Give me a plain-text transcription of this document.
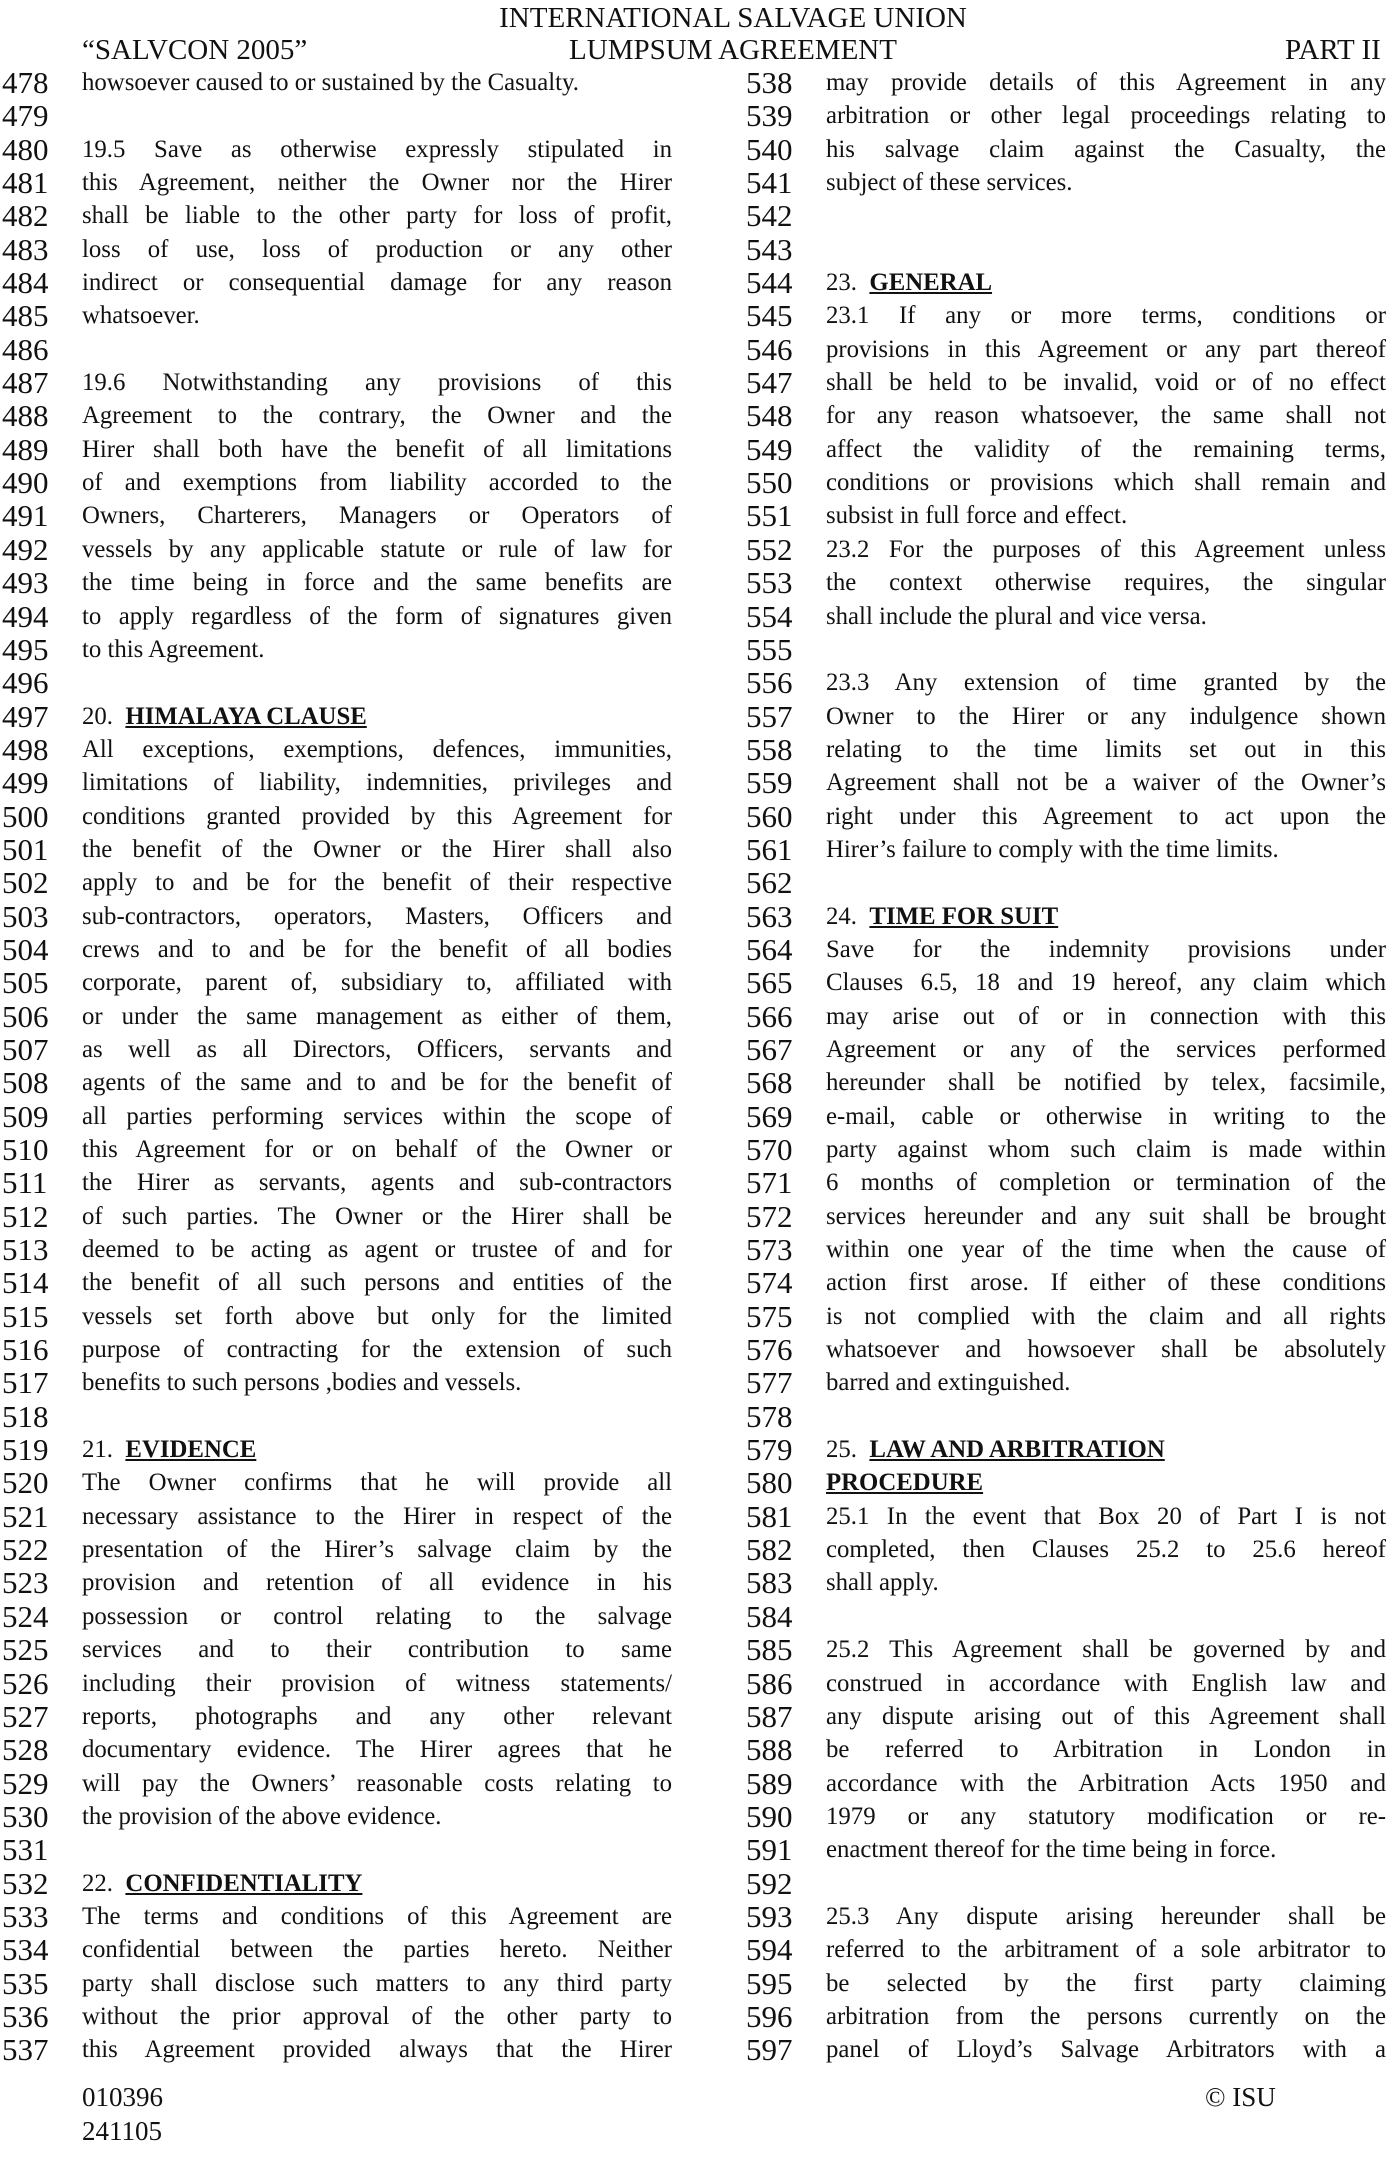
INTERNATIONAL SALVAGE UNION
“SALVCON 2005”	LUMPSUM AGREEMENT	PART II
478	howsoever caused to or sustained by the Casualty.
479
480	19.5 Save as otherwise expressly stipulated in
481	this Agreement, neither the Owner nor the Hirer
482	shall be liable to the other party for loss of profit,
483	loss of use, loss of production or any other
484	indirect or consequential damage for any reason
485	whatsoever.
486
487	19.6 Notwithstanding any provisions of this
488	Agreement to the contrary, the Owner and the
489	Hirer shall both have the benefit of all limitations
490	of and exemptions from liability accorded to the
491	Owners, Charterers, Managers or Operators of
492	vessels by any applicable statute or rule of law for
493	the time being in force and the same benefits are
494	to apply regardless of the form of signatures given
495	to this Agreement.
496
497	20. HIMALAYA CLAUSE
498	All exceptions, exemptions, defences, immunities,
499	limitations of liability, indemnities, privileges and
500	conditions granted provided by this Agreement for
501	the benefit of the Owner or the Hirer shall also
502	apply to and be for the benefit of their respective
503	sub-contractors, operators, Masters, Officers and
504	crews and to and be for the benefit of all bodies
505	corporate, parent of, subsidiary to, affiliated with
506	or under the same management as either of them,
507	as well as all Directors, Officers, servants and
508	agents of the same and to and be for the benefit of
509	all parties performing services within the scope of
510	this Agreement for or on behalf of the Owner or
511	the Hirer as servants, agents and sub-contractors
512	of such parties. The Owner or the Hirer shall be
513	deemed to be acting as agent or trustee of and for
514	the benefit of all such persons and entities of the
515	vessels set forth above but only for the limited
516	purpose of contracting for the extension of such
517	benefits to such persons ,bodies and vessels.
518
519	21. EVIDENCE
520	The Owner confirms that he will provide all
521	necessary assistance to the Hirer in respect of the
522	presentation of the Hirer’s salvage claim by the
523	provision and retention of all evidence in his
524	possession or control relating to the salvage
525	services and to their contribution to same
526	including their provision of witness statements/
527	reports, photographs and any other relevant
528	documentary evidence. The Hirer agrees that he
529	will pay the Owners’ reasonable costs relating to
530	the provision of the above evidence.
531
532	22. CONFIDENTIALITY
533	The terms and conditions of this Agreement are
534	confidential between the parties hereto. Neither
535	party shall disclose such matters to any third party
536	without the prior approval of the other party to
537	this Agreement provided always that the Hirer
538	may provide details of this Agreement in any
539	arbitration or other legal proceedings relating to
540	his salvage claim against the Casualty, the
541	subject of these services.
542
543
544	23. GENERAL
545	23.1 If any or more terms, conditions or
546	provisions in this Agreement or any part thereof
547	shall be held to be invalid, void or of no effect
548	for any reason whatsoever, the same shall not
549	affect the validity of the remaining terms,
550	conditions or provisions which shall remain and
551	subsist in full force and effect.
552	23.2 For the purposes of this Agreement unless
553	the context otherwise requires, the singular
554	shall include the plural and vice versa.
555
556	23.3 Any extension of time granted by the
557	Owner to the Hirer or any indulgence shown
558	relating to the time limits set out in this
559	Agreement shall not be a waiver of the Owner’s
560	right under this Agreement to act upon the
561	Hirer’s failure to comply with the time limits.
562
563	24. TIME FOR SUIT
564	Save for the indemnity provisions under
565	Clauses 6.5, 18 and 19 hereof, any claim which
566	may arise out of or in connection with this
567	Agreement or any of the services performed
568	hereunder shall be notified by telex, facsimile,
569	e-mail, cable or otherwise in writing to the
570	party against whom such claim is made within
571	6 months of completion or termination of the
572	services hereunder and any suit shall be brought
573	within one year of the time when the cause of
574	action first arose. If either of these conditions
575	is not complied with the claim and all rights
576	whatsoever and howsoever shall be absolutely
577	barred and extinguished.
578
579	25. LAW AND ARBITRATION
580	PROCEDURE
581	25.1 In the event that Box 20 of Part I is not
582	completed, then Clauses 25.2 to 25.6 hereof
583	shall apply.
584
585	25.2 This Agreement shall be governed by and
586	construed in accordance with English law and
587	any dispute arising out of this Agreement shall
588	be referred to Arbitration in London in
589	accordance with the Arbitration Acts 1950 and
590	1979 or any statutory modification or re-
591	enactment thereof for the time being in force.
592
593	25.3 Any dispute arising hereunder shall be
594	referred to the arbitrament of a sole arbitrator to
595	be selected by the first party claiming
596	arbitration from the persons currently on the
597	panel of Lloyd’s Salvage Arbitrators with a
010396
241105
© ISU
